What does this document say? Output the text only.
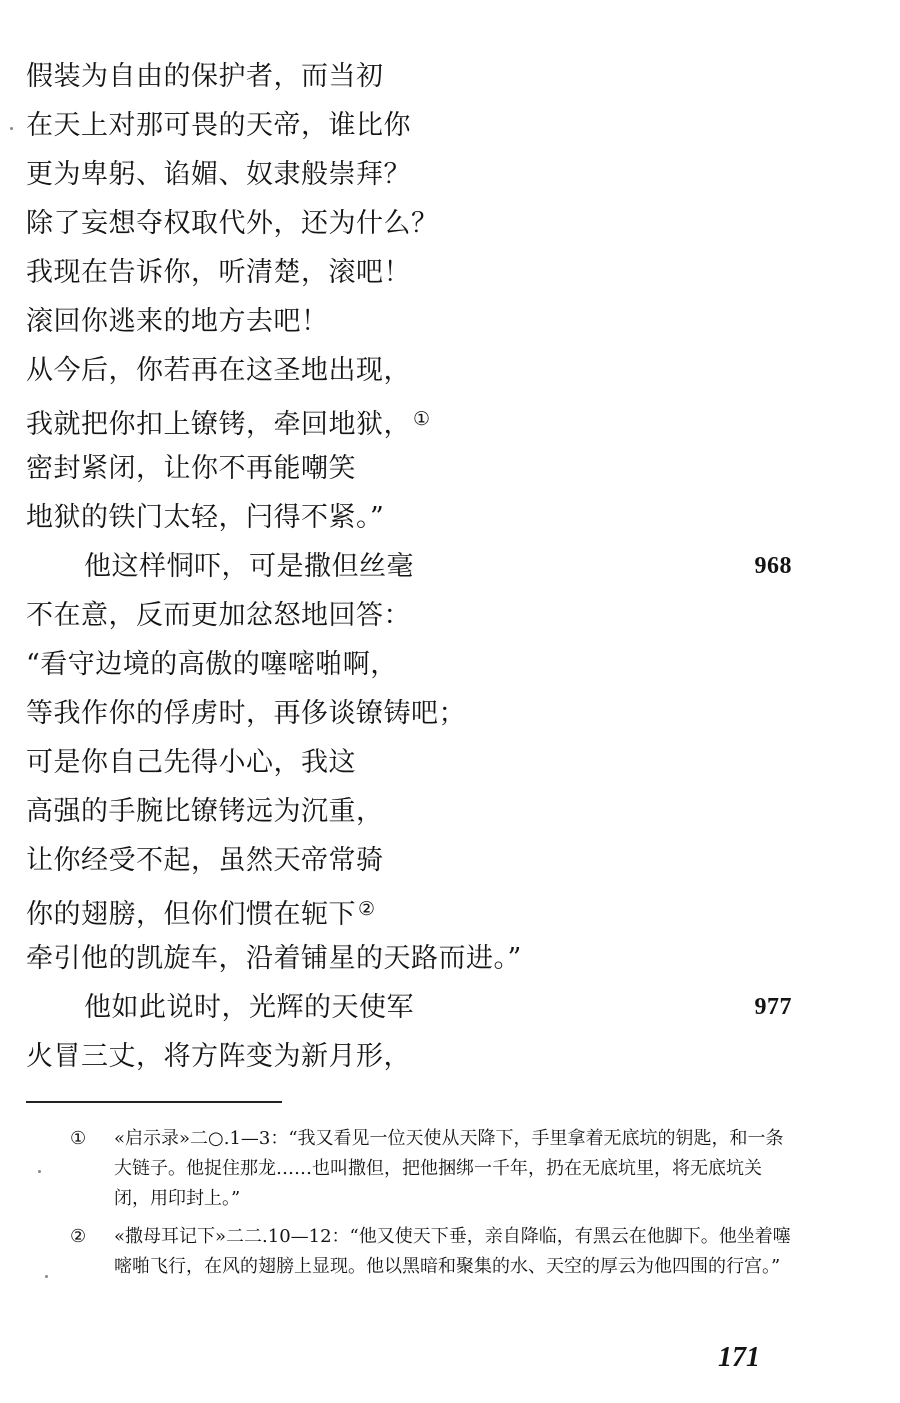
假装为自由的保护者，而当初
在天上对那可畏的天帝，谁比你
更为卑躬、谄媚、奴隶般崇拜？
除了妄想夺权取代外，还为什么？
我现在告诉你，听清楚，滚吧！
滚回你逃来的地方去吧！
从今后，你若再在这圣地出现，
我就把你扣上镣铐，牵回地狱， ①
密封紧闭，让你不再能嘲笑
地狱的铁门太轻，闩得不紧。”
他这样恫吓，可是撒但丝毫	968
不在意，反而更加忿怒地回答：
“看守边境的高傲的噻嘧啪啊，
等我作你的俘虏时，再侈谈镣铸吧；
可是你自己先得小心，我这
高强的手腕比镣铐远为沉重，
让你经受不起，虽然天帝常骑
你的翅膀，但你们惯在轭下 ②
牵引他的凯旋车，沿着铺星的天路而进。”
他如此说时，光辉的天使军	977
火冒三丈，将方阵变为新月形，
① «启示录»二○.1—3：“我又看见一位天使从天降下，手里拿着无底坑的钥匙，和一条大链子。他捉住那龙……也叫撒但，把他捆绑一千年，扔在无底坑里，将无底坑关闭，用印封上。”
② «撒母耳记下»二二.10—12：“他又使天下垂，亲自降临，有黑云在他脚下。他坐着噻嘧啪飞行，在风的翅膀上显现。他以黑暗和聚集的水、天空的厚云为他四围的行宫。”
171
